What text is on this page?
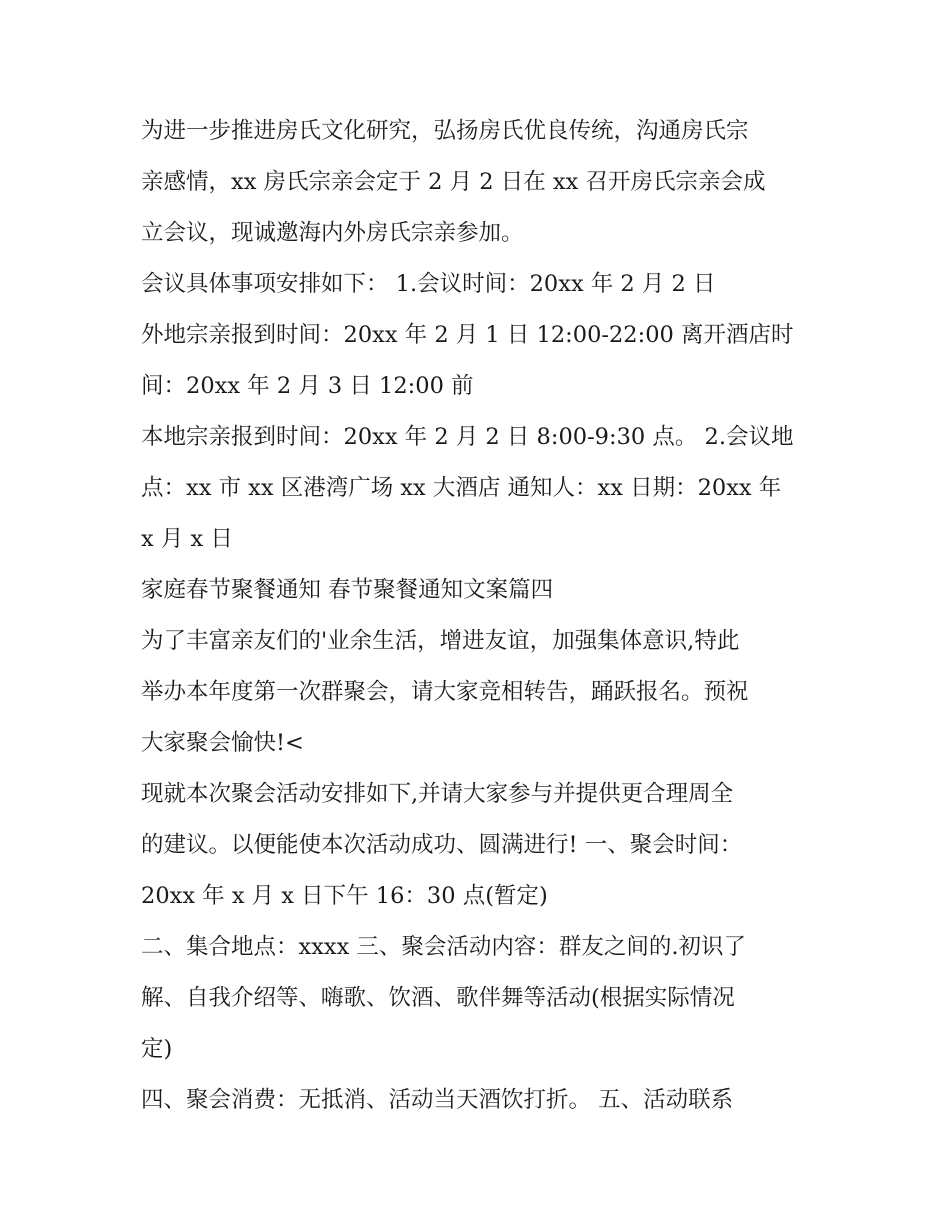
为进一步推进房氏文化研究，弘扬房氏优良传统，沟通房氏宗
亲感情，xx 房氏宗亲会定于 2 月 2 日在 xx 召开房氏宗亲会成
立会议，现诚邀海内外房氏宗亲参加。
会议具体事项安排如下： 1.会议时间：20xx 年 2 月 2 日
外地宗亲报到时间：20xx 年 2 月 1 日 12:00-22:00 离开酒店时
间：20xx 年 2 月 3 日 12:00 前
本地宗亲报到时间：20xx 年 2 月 2 日 8:00-9:30 点。 2.会议地
点：xx 市 xx 区港湾广场 xx 大酒店 通知人：xx 日期：20xx 年
x 月 x 日
家庭春节聚餐通知 春节聚餐通知文案篇四
为了丰富亲友们的'业余生活，增进友谊，加强集体意识,特此
举办本年度第一次群聚会，请大家竞相转告，踊跃报名。预祝
大家聚会愉快!<
现就本次聚会活动安排如下,并请大家参与并提供更合理周全
的建议。以便能使本次活动成功、圆满进行! 一、聚会时间：
20xx 年 x 月 x 日下午 16：30 点(暂定)
二、集合地点：xxxx 三、聚会活动内容：群友之间的.初识了
解、自我介绍等、嗨歌、饮酒、歌伴舞等活动(根据实际情况
定)
四、聚会消费：无抵消、活动当天酒饮打折。 五、活动联系
